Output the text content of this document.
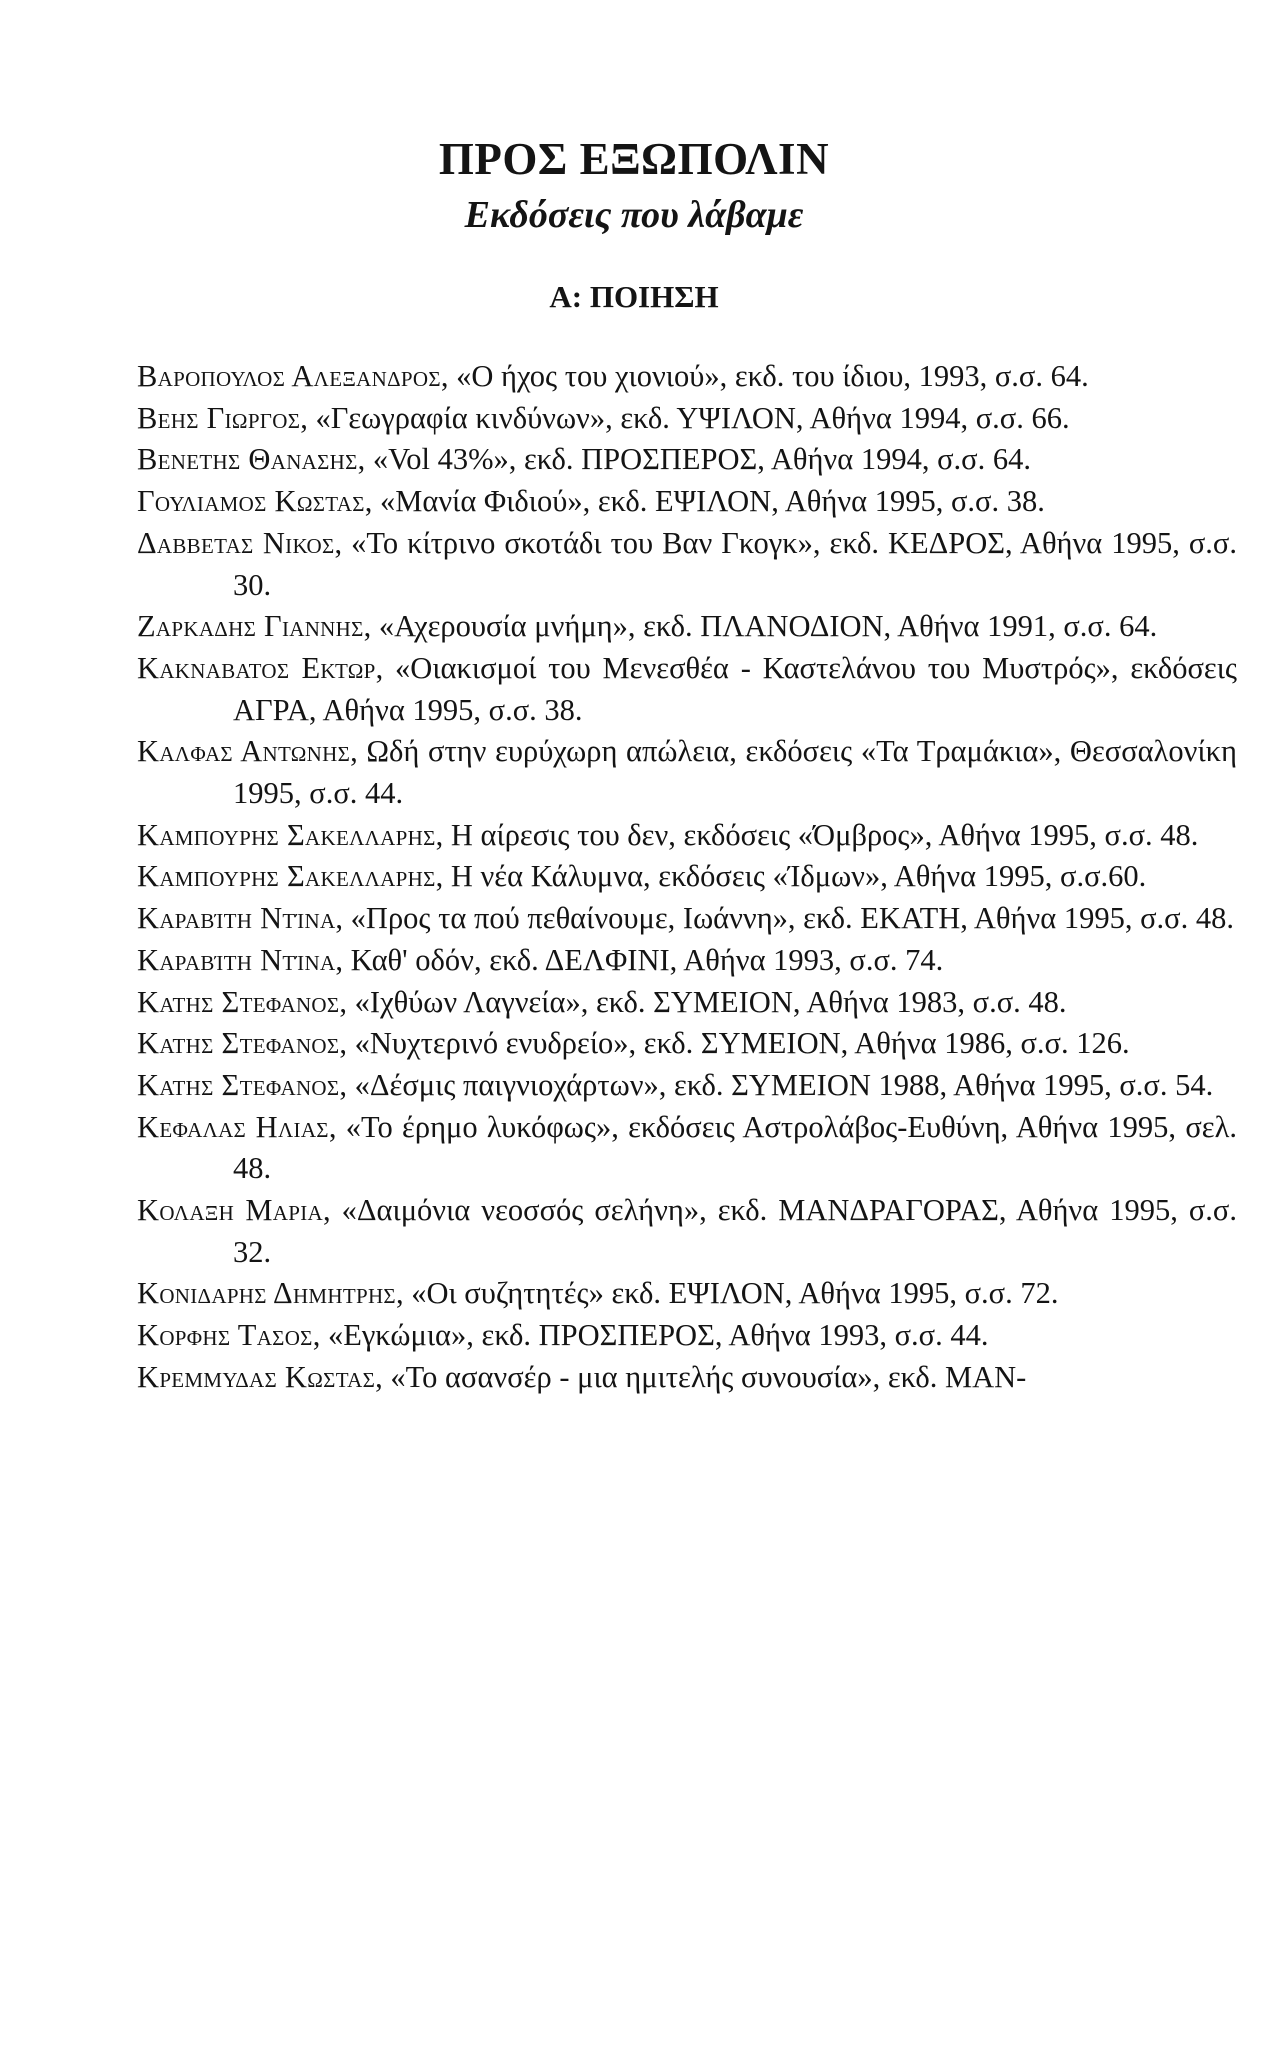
ΠΡΟΣ ΕΞΩΠΟΛΙΝ
Εκδόσεις που λάβαμε
Α: ΠΟΙΗΣΗ
Βαροπουλος Αλεξανδρος, «Ο ήχος του χιονιού», εκδ. του ίδιου, 1993, σ.σ. 64.
Βεης Γιωργος, «Γεωγραφία κινδύνων», εκδ. ΥΨΙΛΟΝ, Αθήνα 1994, σ.σ. 66.
Βενετης Θανασης, «Vol 43%», εκδ. ΠΡΟΣΠΕΡΟΣ, Αθήνα 1994, σ.σ. 64.
Γουλιαμος Κωστας, «Μανία Φιδιού», εκδ. ΕΨΙΛΟΝ, Αθήνα 1995, σ.σ. 38.
Δαββετας Νικος, «Το κίτρινο σκοτάδι του Βαν Γκογκ», εκδ. ΚΕΔΡΟΣ, Αθήνα 1995, σ.σ. 30.
Ζαρκαδης Γιαννης, «Αχερουσία μνήμη», εκδ. ΠΛΑΝΟΔΙΟΝ, Αθήνα 1991, σ.σ. 64.
Κακναβατος Εκτωρ, «Οιακισμοί του Μενεσθέα - Καστελάνου του Μυστρός», εκδόσεις ΑΓΡΑ, Αθήνα 1995, σ.σ. 38.
Καλφας Αντωνης, Ωδή στην ευρύχωρη απώλεια, εκδόσεις «Τα Τραμάκια», Θεσσαλονίκη 1995, σ.σ. 44.
Καμπουρης Σακελλαρης, Η αίρεσις του δεν, εκδόσεις «Όμβρος», Αθήνα 1995, σ.σ. 48.
Καμπουρης Σακελλαρης, Η νέα Κάλυμνα, εκδόσεις «Ίδμων», Αθήνα 1995, σ.σ.60.
Καραβίτη Ντίνα, «Προς τα πού πεθαίνουμε, Ιωάννη», εκδ. ΕΚΑΤΗ, Αθήνα 1995, σ.σ. 48.
Καραβίτη Ντίνα, Καθ' οδόν, εκδ. ΔΕΛΦΙΝΙ, Αθήνα 1993, σ.σ. 74.
Κατης Στεφανος, «Ιχθύων Λαγνεία», εκδ. ΣΥΜΕΙΟΝ, Αθήνα 1983, σ.σ. 48.
Κατης Στεφανος, «Νυχτερινό ενυδρείο», εκδ. ΣΥΜΕΙΟΝ, Αθήνα 1986, σ.σ. 126.
Κατης Στεφανος, «Δέσμις παιγνιοχάρτων», εκδ. ΣΥΜΕΙΟΝ 1988, Αθήνα 1995, σ.σ. 54.
Κεφαλας Ηλιας, «Το έρημο λυκόφως», εκδόσεις Αστρολάβος-Ευθύνη, Αθήνα 1995, σελ. 48.
Κολαξη Μαρια, «Δαιμόνια νεοσσός σελήνη», εκδ. ΜΑΝΔΡΑΓΟΡΑΣ, Αθήνα 1995, σ.σ. 32.
Κονιδαρης Δημητρης, «Οι συζητητές» εκδ. ΕΨΙΛΟΝ, Αθήνα 1995, σ.σ. 72.
Κορφης Τασος, «Εγκώμια», εκδ. ΠΡΟΣΠΕΡΟΣ, Αθήνα 1993, σ.σ. 44.
Κρεμμυδας Κωστας, «Το ασανσέρ - μια ημιτελής συνουσία», εκδ. ΜΑΝ-
